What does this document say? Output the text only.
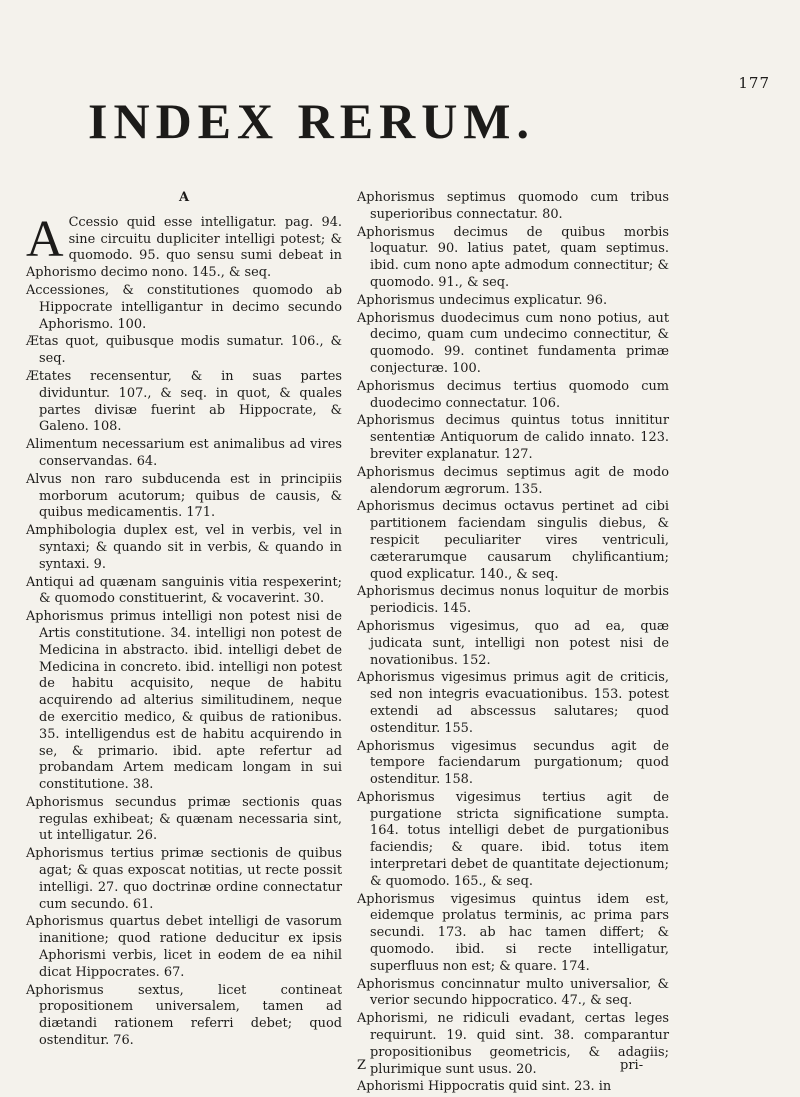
177
INDEX RERUM.
A

A Ccessio quid esse intelligatur. pag. 94. sine circuitu dupliciter intelligi potest; & quomodo. 95. quo sensu sumi debeat in Aphorismo decimo nono. 145., & seq.

Accessiones, & constitutiones quomodo ab Hippocrate intelligantur in decimo secundo Aphorismo. 100.

Ætas quot, quibusque modis sumatur. 106., & seq.

Ætates recensentur, & in suas partes dividuntur. 107., & seq. in quot, & quales partes divisæ fuerint ab Hippocrate, & Galeno. 108.

Alimentum necessarium est animalibus ad vires conservandas. 64.

Alvus non raro subducenda est in principiis morborum acutorum; quibus de causis, & quibus medicamentis. 171.

Amphibologia duplex est, vel in verbis, vel in syntaxi; & quando sit in verbis, & quando in syntaxi. 9.

Antiqui ad quænam sanguinis vitia respexerint; & quomodo constituerint, & vocaverint. 30.

Aphorismus primus intelligi non potest nisi de Artis constitutione. 34. intelligi non potest de Medicina in abstracto. ibid. intelligi debet de Medicina in concreto. ibid. intelligi non potest de habitu acquisito, neque de habitu acquirendo ad alterius similitudinem, neque de exercitio medico, & quibus de rationibus. 35. intelligendus est de habitu acquirendo in se, & primario. ibid. apte refertur ad probandam Artem medicam longam in sui constitutione. 38.

Aphorismus secundus primæ sectionis quas regulas exhibeat; & quænam necessaria sint, ut intelligatur. 26.

Aphorismus tertius primæ sectionis de quibus agat; & quas exposcat notitias, ut recte possit intelligi. 27. quo doctrinæ ordine connectatur cum secundo. 61.

Aphorismus quartus debet intelligi de vasorum inanitione; quod ratione deducitur ex ipsis Aphorismi verbis, licet in eodem de ea nihil dicat Hippocrates. 67.

Aphorismus sextus, licet contineat propositionem universalem, tamen ad diætandi rationem referri debet; quod ostenditur. 76.

Aphorismus septimus quomodo cum tribus superioribus connectatur. 80.

Aphorismus decimus de quibus morbis loquatur. 90. latius patet, quam septimus. ibid. cum nono apte admodum connectitur; & quomodo. 91., & seq.

Aphorismus undecimus explicatur. 96.

Aphorismus duodecimus cum nono potius, aut decimo, quam cum undecimo connectitur, & quomodo. 99. continet fundamenta primæ conjecturæ. 100.

Aphorismus decimus tertius quomodo cum duodecimo connectatur. 106.

Aphorismus decimus quintus totus innititur sententiæ Antiquorum de calido innato. 123. breviter explanatur. 127.

Aphorismus decimus septimus agit de modo alendorum ægrorum. 135.

Aphorismus decimus octavus pertinet ad cibi partitionem faciendam singulis diebus, & respicit peculiariter vires ventriculi, cæterarumque causarum chylificantium; quod explicatur. 140., & seq.

Aphorismus decimus nonus loquitur de morbis periodicis. 145.

Aphorismus vigesimus, quo ad ea, quæ judicata sunt, intelligi non potest nisi de novationibus. 152.

Aphorismus vigesimus primus agit de criticis, sed non integris evacuationibus. 153. potest extendi ad abscessus salutares; quod ostenditur. 155.

Aphorismus vigesimus secundus agit de tempore faciendarum purgationum; quod ostenditur. 158.

Aphorismus vigesimus tertius agit de purgatione stricta significatione sumpta. 164. totus intelligi debet de purgationibus faciendis; & quare. ibid. totus item interpretari debet de quantitate dejectionum; & quomodo. 165., & seq.

Aphorismus vigesimus quintus idem est, eidemque prolatus terminis, ac prima pars secundi. 173. ab hac tamen differt; & quomodo. ibid. si recte intelligatur, superfluus non est; & quare. 174.

Aphorismus concinnatur multo universalior, & verior secundo hippocratico. 47., & seq.

Aphorismi, ne ridiculi evadant, certas leges requirunt. 19. quid sint. 38. comparantur propositionibus geometricis, & adagiis; plurimique sunt usus. 20.

Aphorismi Hippocratis quid sint. 23. in

Z	pri-
